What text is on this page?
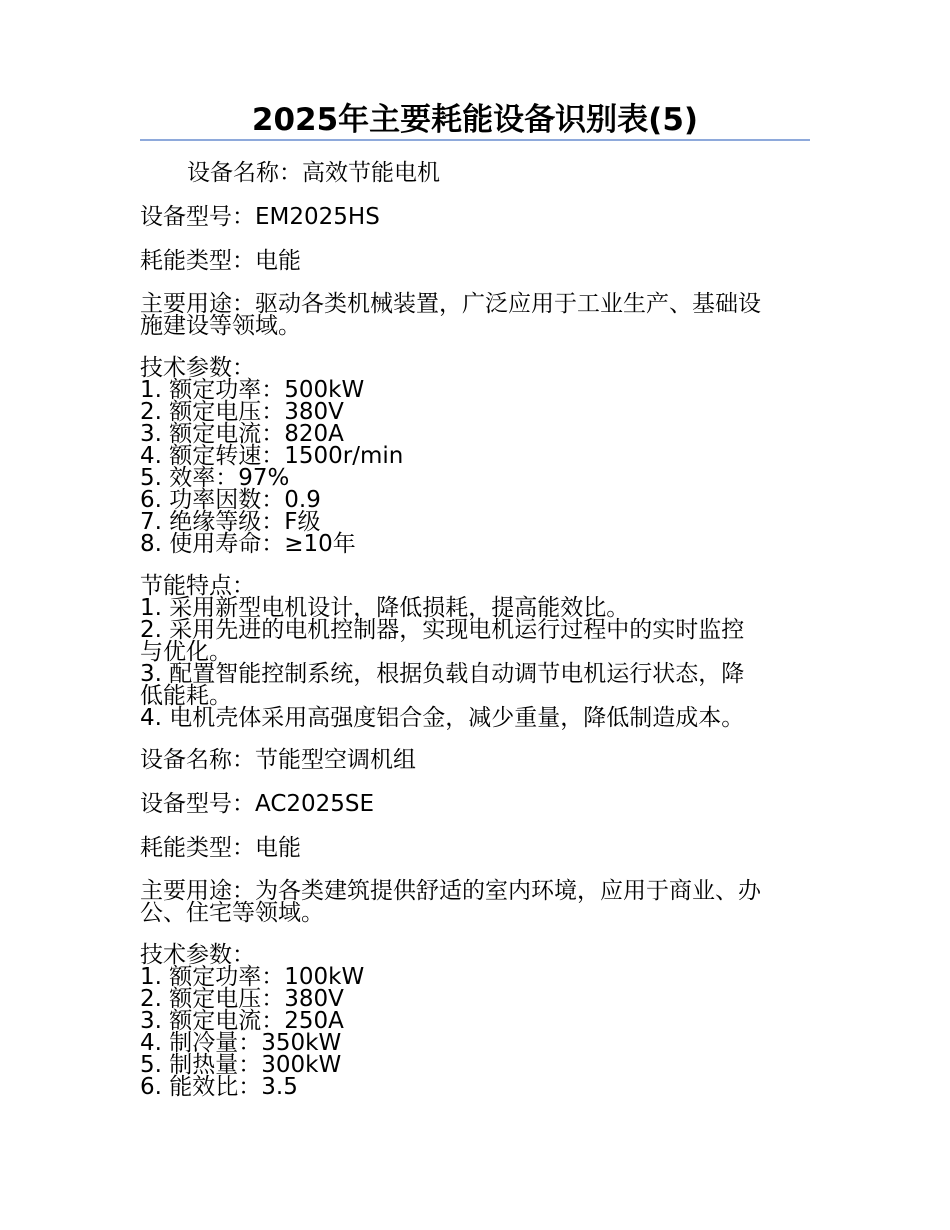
2025年主要耗能设备识别表(5)
设备名称：高效节能电机
设备型号：EM2025HS
耗能类型：电能
主要用途：驱动各类机械装置，广泛应用于工业生产、基础设
施建设等领域。
技术参数：
1. 额定功率：500kW
2. 额定电压：380V
3. 额定电流：820A
4. 额定转速：1500r/min
5. 效率：97%
6. 功率因数：0.9
7. 绝缘等级：F级
8. 使用寿命：≥10年
节能特点：
1. 采用新型电机设计，降低损耗，提高能效比。
2. 采用先进的电机控制器，实现电机运行过程中的实时监控
与优化。
3. 配置智能控制系统，根据负载自动调节电机运行状态，降
低能耗。
4. 电机壳体采用高强度铝合金，减少重量，降低制造成本。
设备名称：节能型空调机组
设备型号：AC2025SE
耗能类型：电能
主要用途：为各类建筑提供舒适的室内环境，应用于商业、办
公、住宅等领域。
技术参数：
1. 额定功率：100kW
2. 额定电压：380V
3. 额定电流：250A
4. 制冷量：350kW
5. 制热量：300kW
6. 能效比：3.5
